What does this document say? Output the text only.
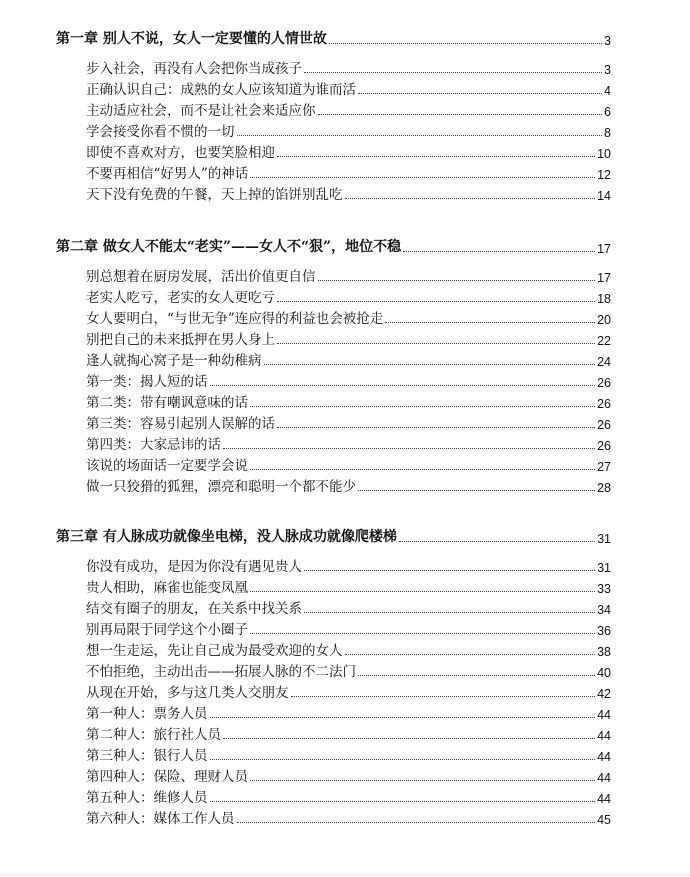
第一章 别人不说，女人一定要懂的人情世故	3
步入社会，再没有人会把你当成孩子	3
正确认识自己：成熟的女人应该知道为谁而活	4
主动适应社会，而不是让社会来适应你	6
学会接受你看不惯的一切	8
即使不喜欢对方，也要笑脸相迎	10
不要再相信“好男人”的神话	12
天下没有免费的午餐，天上掉的馅饼别乱吃	14
第二章 做女人不能太“老实”——女人不“狠”，地位不稳	17
别总想着在厨房发展，活出价值更自信	17
老实人吃亏，老实的女人更吃亏	18
女人要明白，“与世无争”连应得的利益也会被抢走	20
别把自己的未来抵押在男人身上	22
逢人就掏心窝子是一种幼稚病	24
第一类：揭人短的话	26
第二类：带有嘲讽意味的话	26
第三类：容易引起别人误解的话	26
第四类：大家忌讳的话	26
该说的场面话一定要学会说	27
做一只狡猾的狐狸，漂亮和聪明一个都不能少	28
第三章 有人脉成功就像坐电梯，没人脉成功就像爬楼梯	31
你没有成功，是因为你没有遇见贵人	31
贵人相助，麻雀也能变凤凰	33
结交有圈子的朋友，在关系中找关系	34
别再局限于同学这个小圈子	36
想一生走运，先让自己成为最受欢迎的女人	38
不怕拒绝，主动出击——拓展人脉的不二法门	40
从现在开始，多与这几类人交朋友	42
第一种人：票务人员	44
第二种人：旅行社人员	44
第三种人：银行人员	44
第四种人：保险、理财人员	44
第五种人：维修人员	44
第六种人：媒体工作人员	45
